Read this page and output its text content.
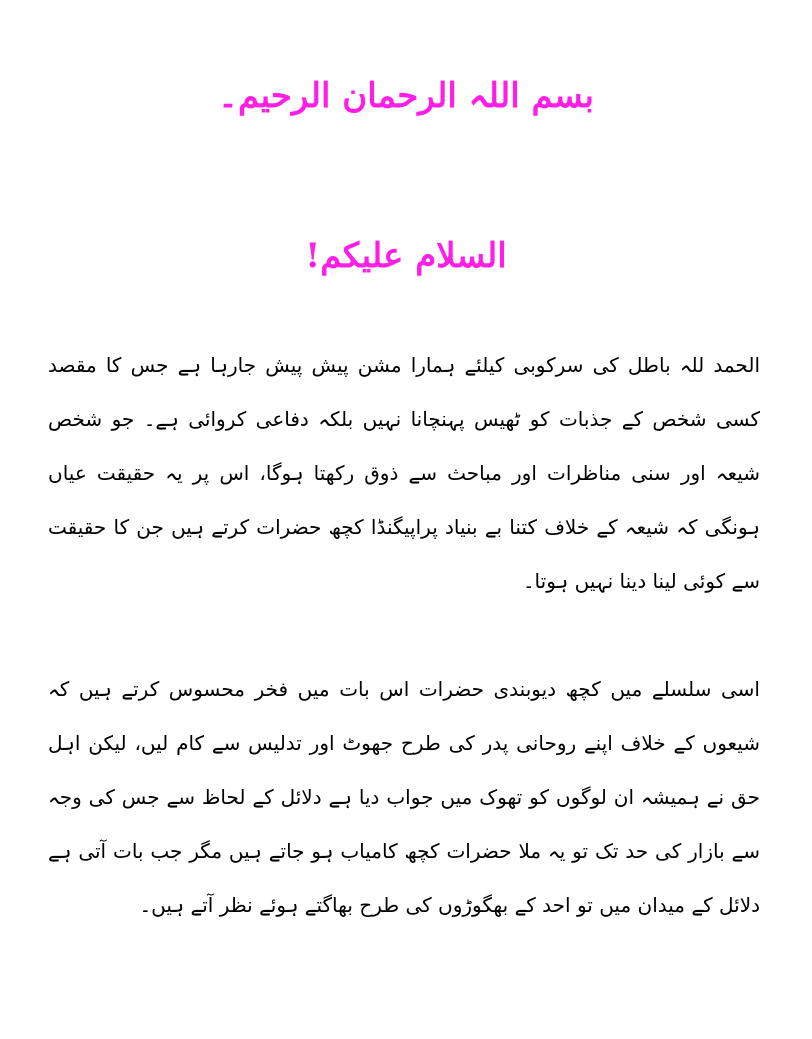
بسم اللہ الرحمان الرحیم۔
السلام علیکم!

الحمد للہ باطل کی سرکوبی کیلئے ہمارا مشن پیش پیش جارہا ہے جس کا مقصد کسی شخص کے جذبات کو ٹھیس پہنچانا نہیں بلکہ دفاعی کروائی ہے۔ جو شخص شیعہ اور سنی مناظرات اور مباحث سے ذوق رکھتا ہوگا، اس پر یہ حقیقت عیاں ہونگی کہ شیعہ کے خلاف کتنا بے بنیاد پراپیگنڈا کچھ حضرات کرتے ہیں جن کا حقیقت سے کوئی لینا دینا نہیں ہوتا۔

اسی سلسلے میں کچھ دیوبندی حضرات اس بات میں فخر محسوس کرتے ہیں کہ شیعوں کے خلاف اپنے روحانی پدر کی طرح جھوٹ اور تدلیس سے کام لیں، لیکن اہل حق نے ہمیشہ ان لوگوں کو تھوک میں جواب دیا ہے دلائل کے لحاظ سے جس کی وجہ سے بازار کی حد تک تو یہ ملا حضرات کچھ کامیاب ہو جاتے ہیں مگر جب بات آتی ہے دلائل کے میدان میں تو احد کے بھگوڑوں کی طرح بھاگتے ہوئے نظر آتے ہیں۔
